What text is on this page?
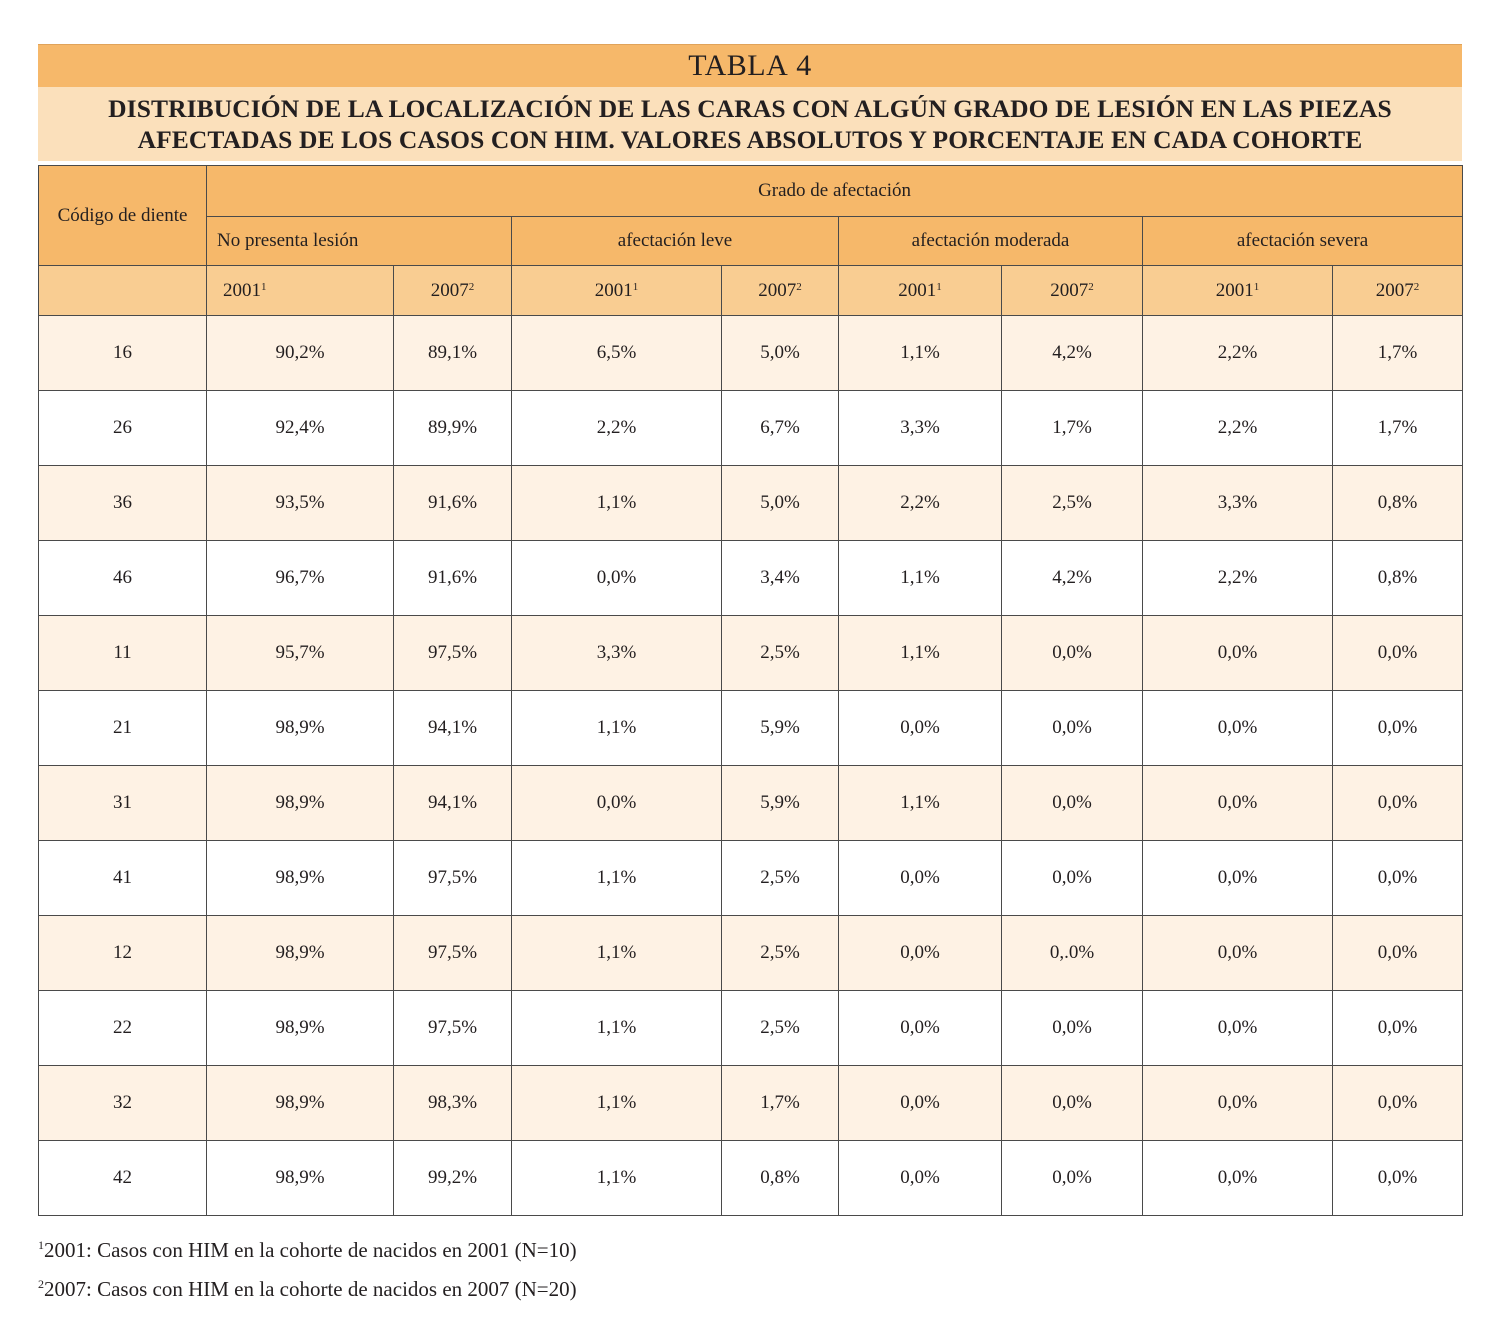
TABLA
4
DISTRIBUCIÓN DE LA LOCALIZACIÓN DE LAS CARAS CON ALGÚN GRADO DE LESIÓN EN LAS PIEZAS
AFECTADAS DE LOS CASOS CON HIM. VALORES ABSOLUTOS Y PORCENTAJE EN CADA COHORTE
Código de diente	Grado de afectación							
	No presenta lesión		afectación leve		afectación moderada		afectación severa	
	2001$^1$	2007$^2$	2001$^1$	2007$^2$	2001$^1$	2007$^2$	2001$^1$	2007$^2$
16	90,2%	89,1%	6,5%	5,0%	1,1%	4,2%	2,2%	1,7%
26	92,4%	89,9%	2,2%	6,7%	3,3%	1,7%	2,2%	1,7%
36	93,5%	91,6%	1,1%	5,0%	2,2%	2,5%	3,3%	0,8%
46	96,7%	91,6%	0,0%	3,4%	1,1%	4,2%	2,2%	0,8%
11	95,7%	97,5%	3,3%	2,5%	1,1%	0,0%	0,0%	0,0%
21	98,9%	94,1%	1,1%	5,9%	0,0%	0,0%	0,0%	0,0%
31	98,9%	94,1%	0,0%	5,9%	1,1%	0,0%	0,0%	0,0%
41	98,9%	97,5%	1,1%	2,5%	0,0%	0,0%	0,0%	0,0%
12	98,9%	97,5%	1,1%	2,5%	0,0%	0,.0%	0,0%	0,0%
22	98,9%	97,5%	1,1%	2,5%	0,0%	0,0%	0,0%	0,0%
32	98,9%	98,3%	1,1%	1,7%	0,0%	0,0%	0,0%	0,0%
42	98,9%	99,2%	1,1%	0,8%	0,0%	0,0%	0,0%	0,0%
$^1$2001: Casos con HIM en la cohorte de nacidos en 2001 (N=10)
$^2$2007: Casos con HIM en la cohorte de nacidos en 2007 (N=20)
